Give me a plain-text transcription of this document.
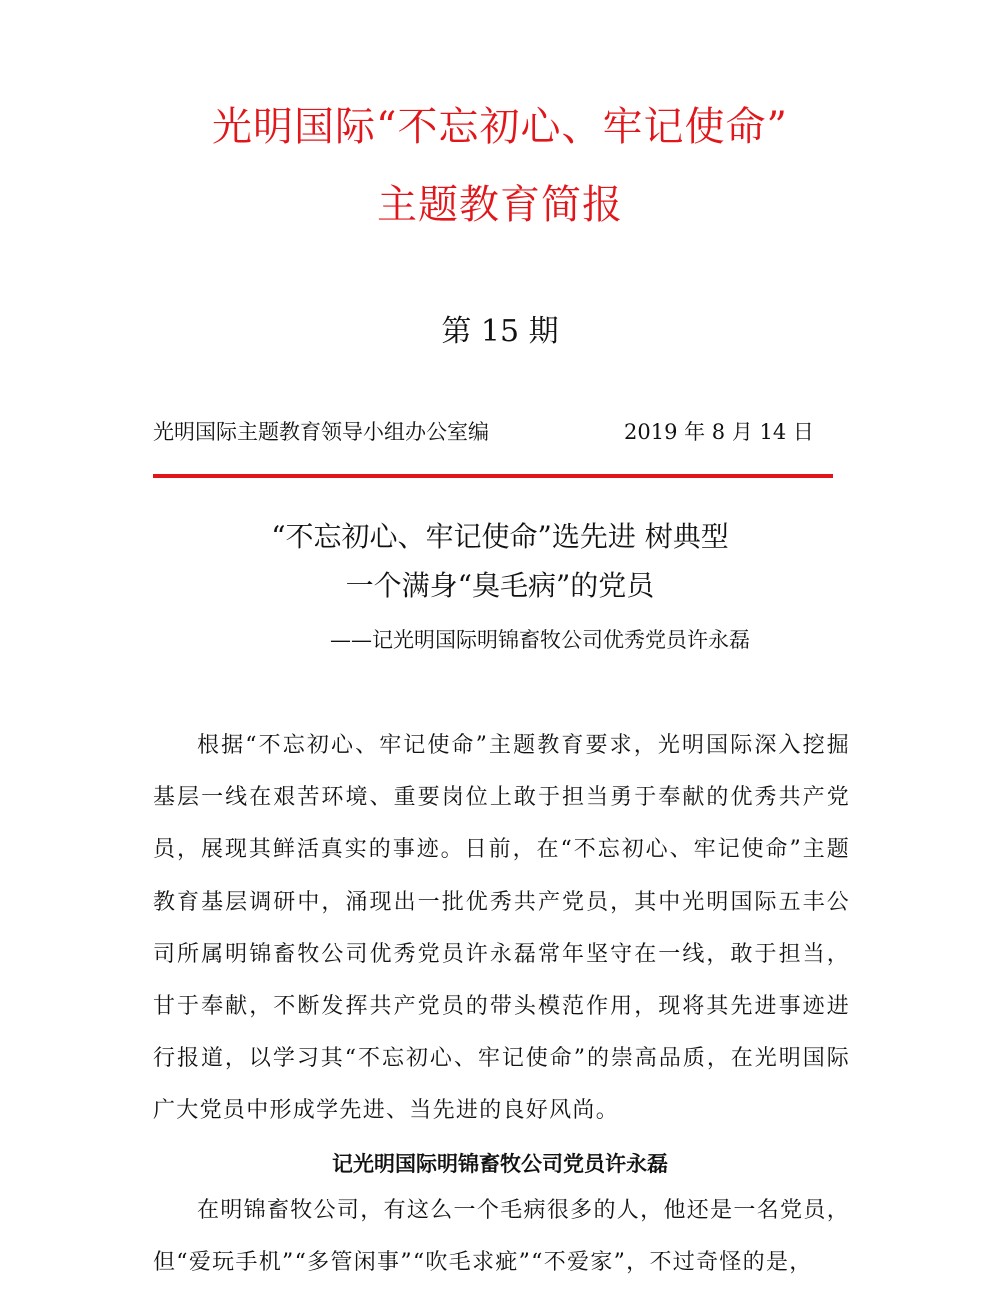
光明国际“不忘初心、牢记使命”
主题教育简报
第 15 期
光明国际主题教育领导小组办公室编	2019 年 8 月 14 日
“不忘初心、牢记使命”选先进 树典型
一个满身“臭毛病”的党员
——记光明国际明锦畜牧公司优秀党员许永磊
根据“不忘初心、牢记使命”主题教育要求，光明国际深入挖掘基层一线在艰苦环境、重要岗位上敢于担当勇于奉献的优秀共产党员，展现其鲜活真实的事迹。日前，在“不忘初心、牢记使命”主题教育基层调研中，涌现出一批优秀共产党员，其中光明国际五丰公司所属明锦畜牧公司优秀党员许永磊常年坚守在一线，敢于担当，甘于奉献，不断发挥共产党员的带头模范作用，现将其先进事迹进行报道，以学习其“不忘初心、牢记使命”的崇高品质，在光明国际广大党员中形成学先进、当先进的良好风尚。
记光明国际明锦畜牧公司党员许永磊
在明锦畜牧公司，有这么一个毛病很多的人，他还是一名党员，但“爱玩手机”“多管闲事”“吹毛求疵”“不爱家”，不过奇怪的是，
